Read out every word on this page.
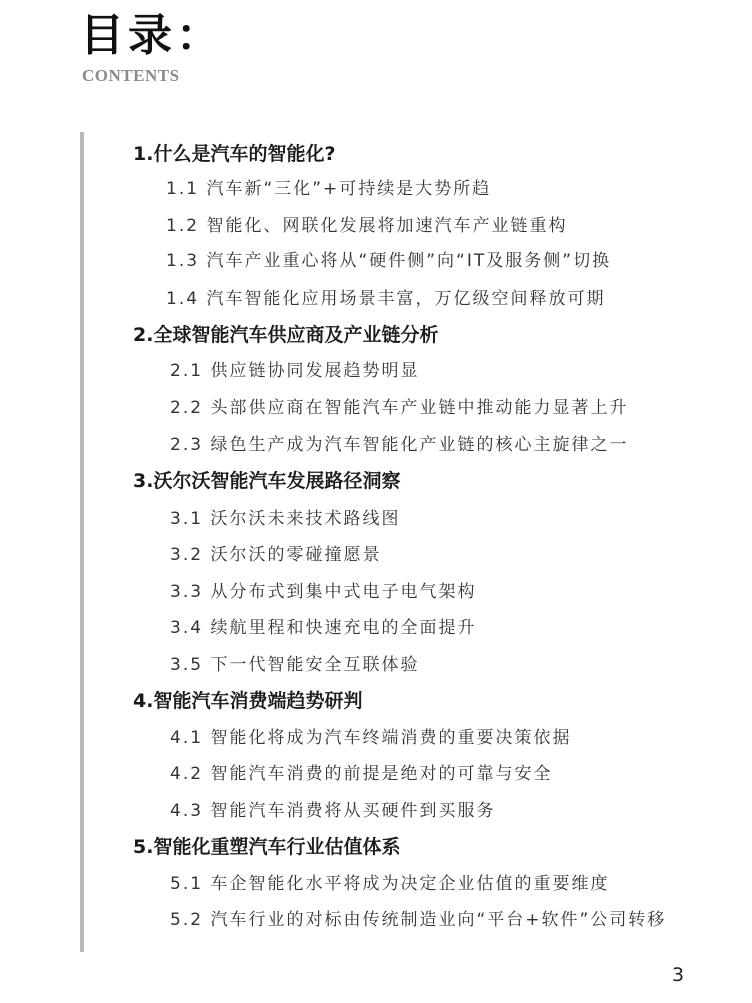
目录：
CONTENTS
1.什么是汽车的智能化?
1.1 汽车新“三化”+可持续是大势所趋
1.2 智能化、网联化发展将加速汽车产业链重构
1.3 汽车产业重心将从“硬件侧”向“IT及服务侧”切换
1.4 汽车智能化应用场景丰富，万亿级空间释放可期
2.全球智能汽车供应商及产业链分析
2.1 供应链协同发展趋势明显
2.2 头部供应商在智能汽车产业链中推动能力显著上升
2.3 绿色生产成为汽车智能化产业链的核心主旋律之一
3.沃尔沃智能汽车发展路径洞察
3.1 沃尔沃未来技术路线图
3.2 沃尔沃的零碰撞愿景
3.3 从分布式到集中式电子电气架构
3.4 续航里程和快速充电的全面提升
3.5 下一代智能安全互联体验
4.智能汽车消费端趋势研判
4.1 智能化将成为汽车终端消费的重要决策依据
4.2 智能汽车消费的前提是绝对的可靠与安全
4.3 智能汽车消费将从买硬件到买服务
5.智能化重塑汽车行业估值体系
5.1 车企智能化水平将成为决定企业估值的重要维度
5.2 汽车行业的对标由传统制造业向“平台+软件”公司转移
3
